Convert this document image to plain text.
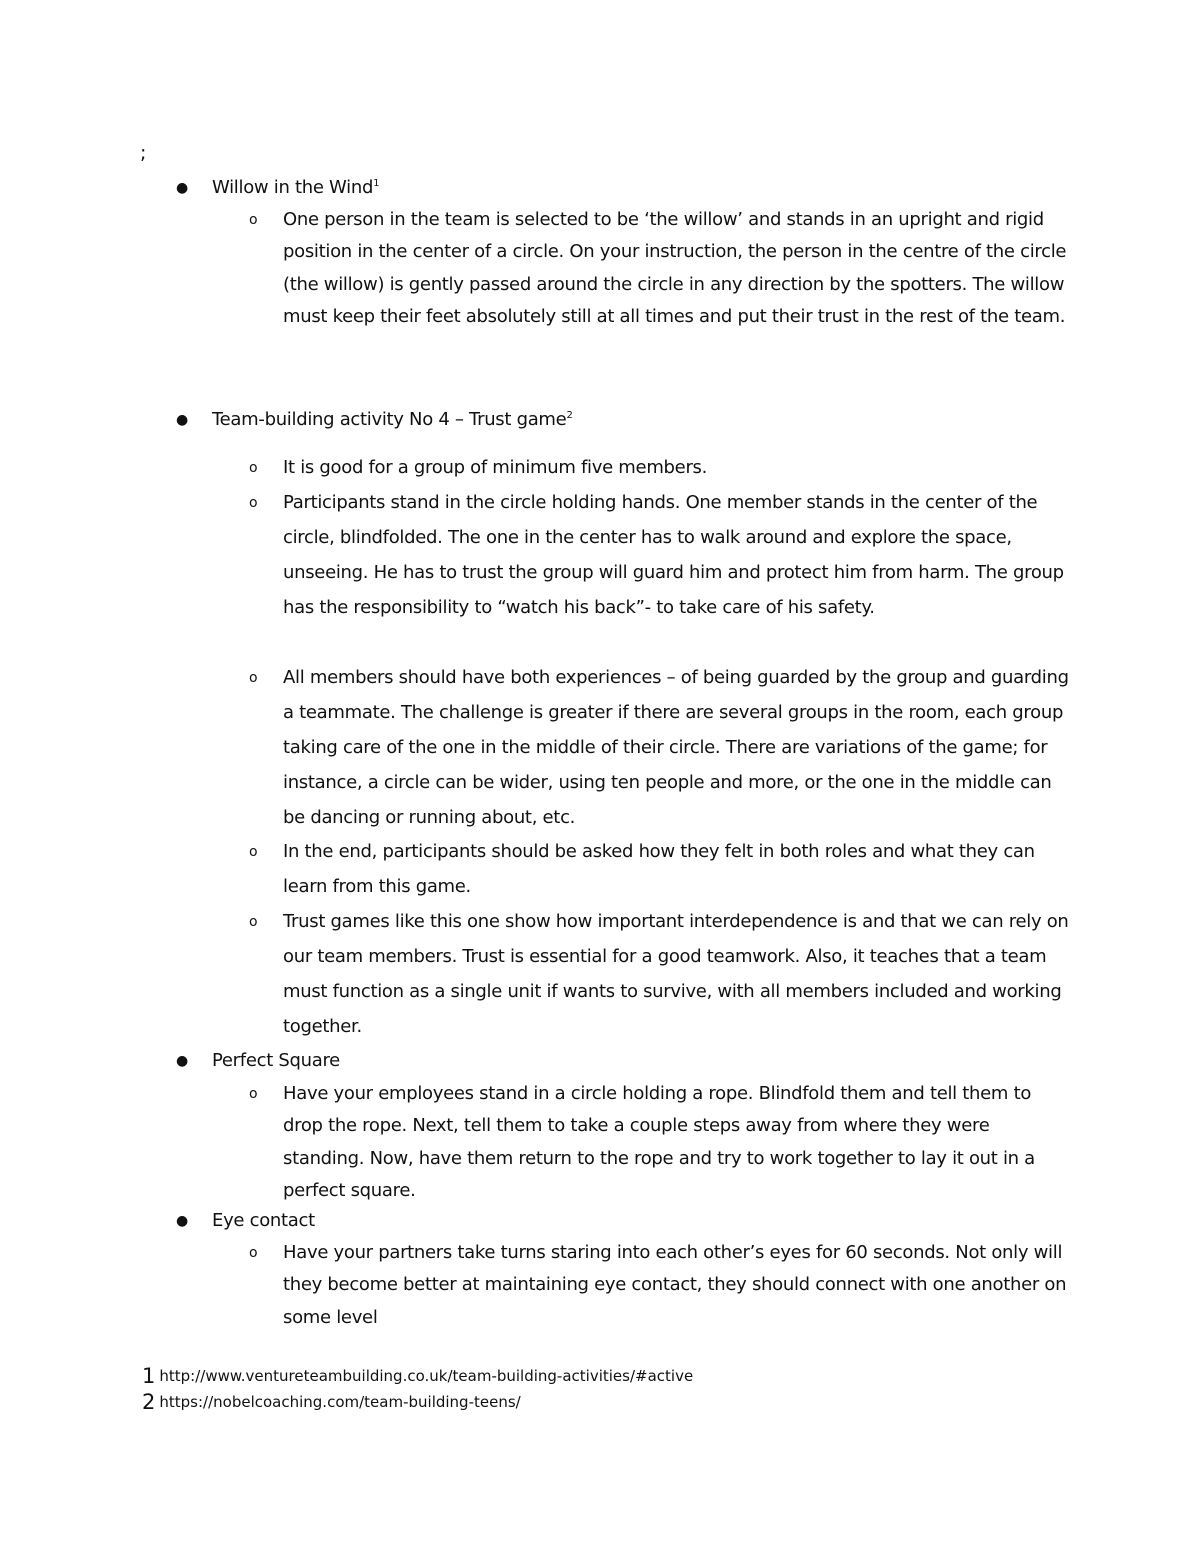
;
● Willow in the Wind$^1$
o One person in the team is selected to be ‘the willow’ and stands in an upright and rigid position in the center of a circle. On your instruction, the person in the centre of the circle (the willow) is gently passed around the circle in any direction by the spotters. The willow must keep their feet absolutely still at all times and put their trust in the rest of the team.
● Team-building activity No 4 – Trust game$^2$
o It is good for a group of minimum five members.
o Participants stand in the circle holding hands. One member stands in the center of the circle, blindfolded. The one in the center has to walk around and explore the space, unseeing. He has to trust the group will guard him and protect him from harm. The group has the responsibility to “watch his back”- to take care of his safety.
o All members should have both experiences – of being guarded by the group and guarding a teammate. The challenge is greater if there are several groups in the room, each group taking care of the one in the middle of their circle. There are variations of the game; for instance, a circle can be wider, using ten people and more, or the one in the middle can be dancing or running about, etc.
o In the end, participants should be asked how they felt in both roles and what they can learn from this game.
o Trust games like this one show how important interdependence is and that we can rely on our team members. Trust is essential for a good teamwork. Also, it teaches that a team must function as a single unit if wants to survive, with all members included and working together.
● Perfect Square
o Have your employees stand in a circle holding a rope. Blindfold them and tell them to drop the rope. Next, tell them to take a couple steps away from where they were standing. Now, have them return to the rope and try to work together to lay it out in a perfect square.
● Eye contact
o Have your partners take turns staring into each other’s eyes for 60 seconds. Not only will they become better at maintaining eye contact, they should connect with one another on some level
1 http://www.ventureteambuilding.co.uk/team-building-activities/#active
2 https://nobelcoaching.com/team-building-teens/
